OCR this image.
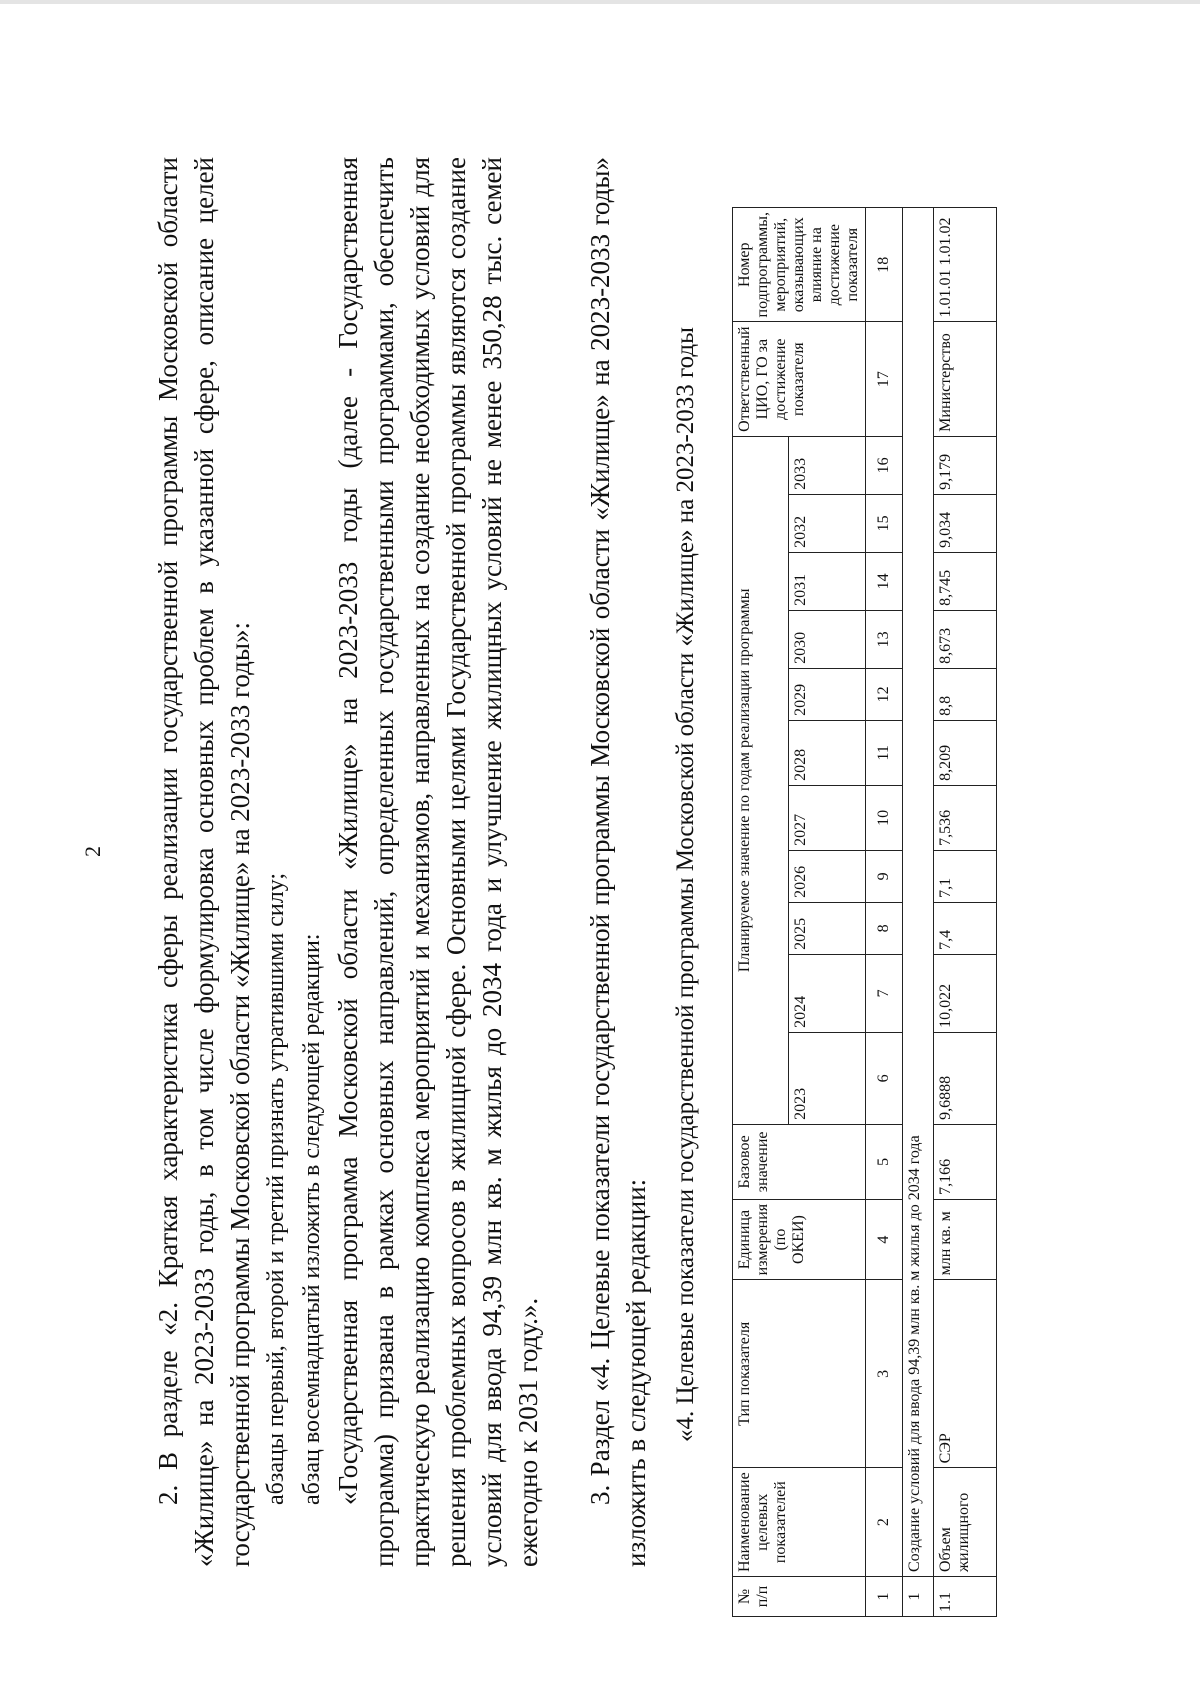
2 2. В разделе «2. Краткая характеристика сферы реализации государственной программы Московской области «Жилище» на 2023-2033 годы, в том числе формулировка основных проблем в указанной сфере, описание целей государственной программы Московской области «Жилище» на 2023-2033 годы»: абзацы первый, второй и третий признать утратившими силу; абзац восемнадцатый изложить в следующей редакции: «Государственная программа Московской области «Жилище» на 2023-2033 годы (далее - Государственная программа) призвана в рамках основных направлений, определенных государственными программами, обеспечить практическую реализацию комплекса мероприятий и механизмов, направленных на создание необходимых условий для решения проблемных вопросов в жилищной сфере. Основными целями Государственной программы являются создание условий для ввода 94,39 млн кв. м жилья до 2034 года и улучшение жилищных условий не менее 350,28 тыс. семей ежегодно к 2031 году.». 3. Раздел «4. Целевые показатели государственной программы Московской области «Жилище» на 2023-2033 годы» изложить в следующей редакции: «4. Целевые показатели государственной программы Московской области «Жилище» на 2023-2033 годы
№ п/п	Наименование целевых показателей	Тип показателя	Единица измерения (по ОКЕИ)	Базовое значение	Планируемое значение по годам реализации программы											Ответственный ЦИО, ГО за достижение показателя	Номер подпрограммы, мероприятий, оказывающих влияние на достижение показателя
					2023	2024	2025	2026	2027	2028	2029	2030	2031	2032	2033		
1	2	3	4	5	6	7	8	9	10	11	12	13	14	15	16	17	18
1	Создание условий для ввода 94,39 млн кв. м жилья до 2034 года																
1.1	Объем жилищного	СЭР	млн кв. м	7,166	9,6888	10,022	7,4	7,1	7,536	8,209	8,8	8,673	8,745	9,034	9,179	Министерство	1.01.01 1.01.02
